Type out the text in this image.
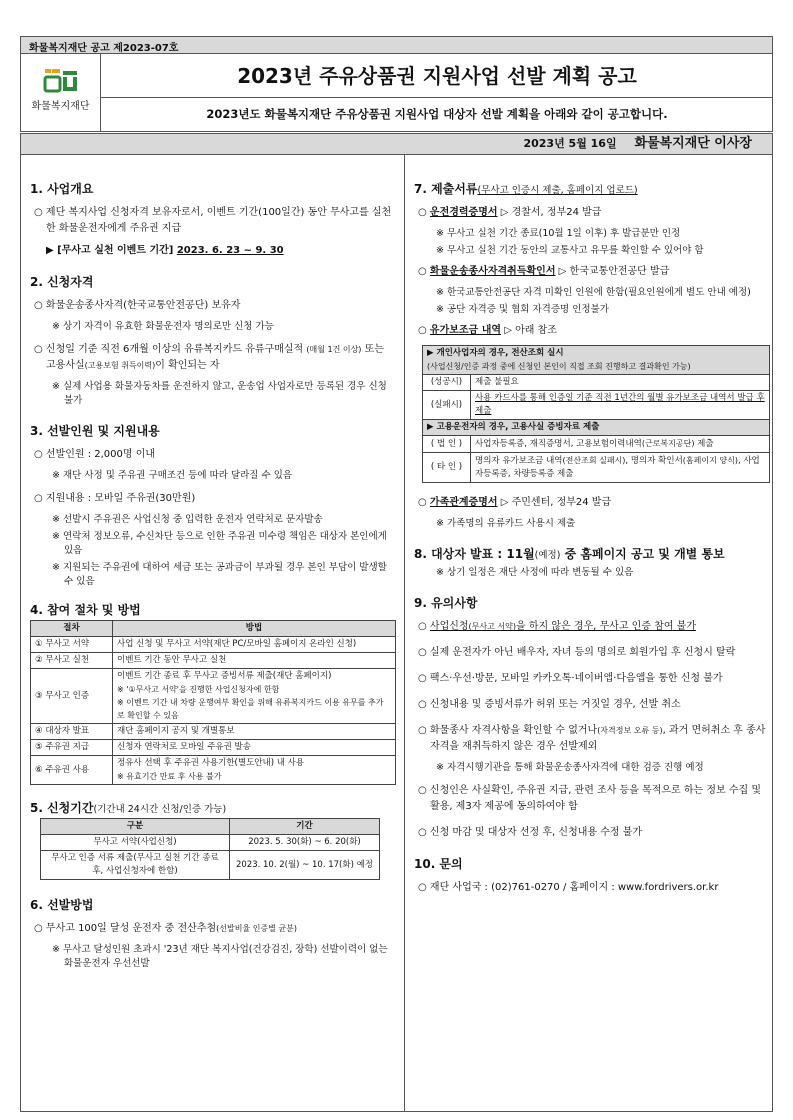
화물복지재단 공고 제2023-07호
화물복지재단
2023년 주유상품권 지원사업 선발 계획 공고
2023년도 화물복지재단 주유상품권 지원사업 대상자 선발 계획을 아래와 같이 공고합니다.
2023년 5월 16일 화물복지재단 이사장
1. 사업개요
○ 제단 복지사업 신청자격 보유자로서, 이벤트 기간(100일간) 동안 무사고를 실천한 화물운전자에게 주유권 지급
▶ [무사고 실천 이벤트 기간] 2023. 6. 23 ~ 9. 30
2. 신청자격
○ 화물운송종사자격(한국교통안전공단) 보유자
※ 상기 자격이 유효한 화물운전자 명의로만 신청 가능
○ 신청일 기준 직전 6개월 이상의 유류복지카드 유류구매실적 (매월 1건 이상) 또는 고용사실(고용보험 취득이력)이 확인되는 자
※ 실제 사업용 화물자동차를 운전하지 않고, 운송업 사업자로만 등록된 경우 신청 불가
3. 선발인원 및 지원내용
○ 선발인원 : 2,000명 이내
※ 재단 사정 및 주유권 구매조건 등에 따라 달라질 수 있음
○ 지원내용 : 모바일 주유권(30만원)
※ 선발시 주유권은 사업신청 중 입력한 운전자 연락처로 문자발송
※ 연락처 정보오류, 수신차단 등으로 인한 주유권 미수령 책임은 대상자 본인에게 있음
※ 지원되는 주유권에 대하여 세금 또는 공과금이 부과될 경우 본인 부담이 발생할 수 있음
4. 참여 절차 및 방법
절차	방법
① 무사고 서약	사업 신청 및 무사고 서약(재단 PC/모바일 홈페이지 온라인 신청)
② 무사고 실천	이벤트 기간 동안 무사고 실천
③ 무사고 인증	이벤트 기간 종료 후 무사고 증빙서류 제출(재단 홈페이지)
※ '①무사고 서약'을 진행한 사업신청자에 한함
※ 이벤트 기간 내 차량 운행여부 확인을 위해 유류복지카드 이용 유무를 추가로 확인할 수 있음

④ 대상자 발표	재단 홈페이지 공지 및 개별통보
⑤ 주유권 지급	신청자 연락처로 모바일 주유권 발송
⑥ 주유권 사용	정유사 선택 후 주유권 사용기한(별도안내) 내 사용
※ 유효기간 만료 후 사용 불가
5. 신청기간(기간내 24시간 신청/인증 가능)
구분	기간
무사고 서약(사업신청)	2023. 5. 30(화) ~ 6. 20(화)
무사고 인증 서류 제출(무사고 실천 기간 종료 후, 사업신청자에 한함)	2023. 10. 2(월) ~ 10. 17(화) 예정
6. 선발방법
○ 무사고 100일 달성 운전자 중 전산추첨(선발비율 인증별 균분)
※ 무사고 달성인원 초과시 '23년 재단 복지사업(건강검진, 장학) 선발이력이 없는 화물운전자 우선선발
7. 제출서류(무사고 인증시 제출, 홈페이지 업로드)
○ 운전경력증명서 ▷ 경찰서, 정부24 발급
※ 무사고 실천 기간 종료(10월 1일 이후) 후 발급분만 인정
※ 무사고 실천 기간 동안의 교통사고 유무를 확인할 수 있어야 함
○ 화물운송종사자격취득확인서 ▷ 한국교통안전공단 발급
※ 한국교통안전공단 자격 미확인 인원에 한함(필요인원에게 별도 안내 예정)
※ 공단 자격증 및 협회 자격증명 인정불가
○ 유가보조금 내역 ▷ 아래 참조
▶ 개인사업자의 경우, 전산조회 실시
(사업신청/인증 과정 중에 신청인 본인이 직접 조회 진행하고 결과확인 가능)	

(성공시)	제출 불필요
(실패시)	사용 카드사를 통해 인증일 기준 직전 1년간의 월별 유가보조금 내역서 발급 후 제출
▶ 고용운전자의 경우, 고용사실 증빙자료 제출	
( 법 인 )	사업자등록증, 재직증명서, 고용보험이력내역(근로복지공단) 제출
( 타 인 )	명의자 유가보조금 내역(전산조회 실패시), 명의자 확인서(홈페이지 양식), 사업자등록증, 차량등록증 제출
○ 가족관계증명서 ▷ 주민센터, 정부24 발급
※ 가족명의 유류카드 사용시 제출
8. 대상자 발표 : 11월(예정) 중 홈페이지 공고 및 개별 통보
※ 상기 일정은 재단 사정에 따라 변동될 수 있음
9. 유의사항
○ 사업신청(무사고 서약)을 하지 않은 경우, 무사고 인증 참여 불가
○ 실제 운전자가 아닌 배우자, 자녀 등의 명의로 회원가입 후 신청시 탈락
○ 팩스·우선·방문, 모바일 카카오톡·네이버앱·다음앱을 통한 신청 불가
○ 신청내용 및 증빙서류가 허위 또는 거짓일 경우, 선발 취소
○ 화물종사 자격사항을 확인할 수 없거나(자격정보 오류 등), 과거 면허취소 후 종사자격을 재취득하지 않은 경우 선발제외
※ 자격시행기관을 통해 화물운송종사자격에 대한 검증 진행 예정
○ 신청인은 사실확인, 주유권 지급, 관련 조사 등을 목적으로 하는 정보 수집 및 활용, 제3자 제공에 동의하여야 함
○ 신청 마감 및 대상자 선정 후, 신청내용 수정 불가
10. 문의
○ 재단 사업국 : (02)761-0270 / 홈페이지 : www.fordrivers.or.kr
